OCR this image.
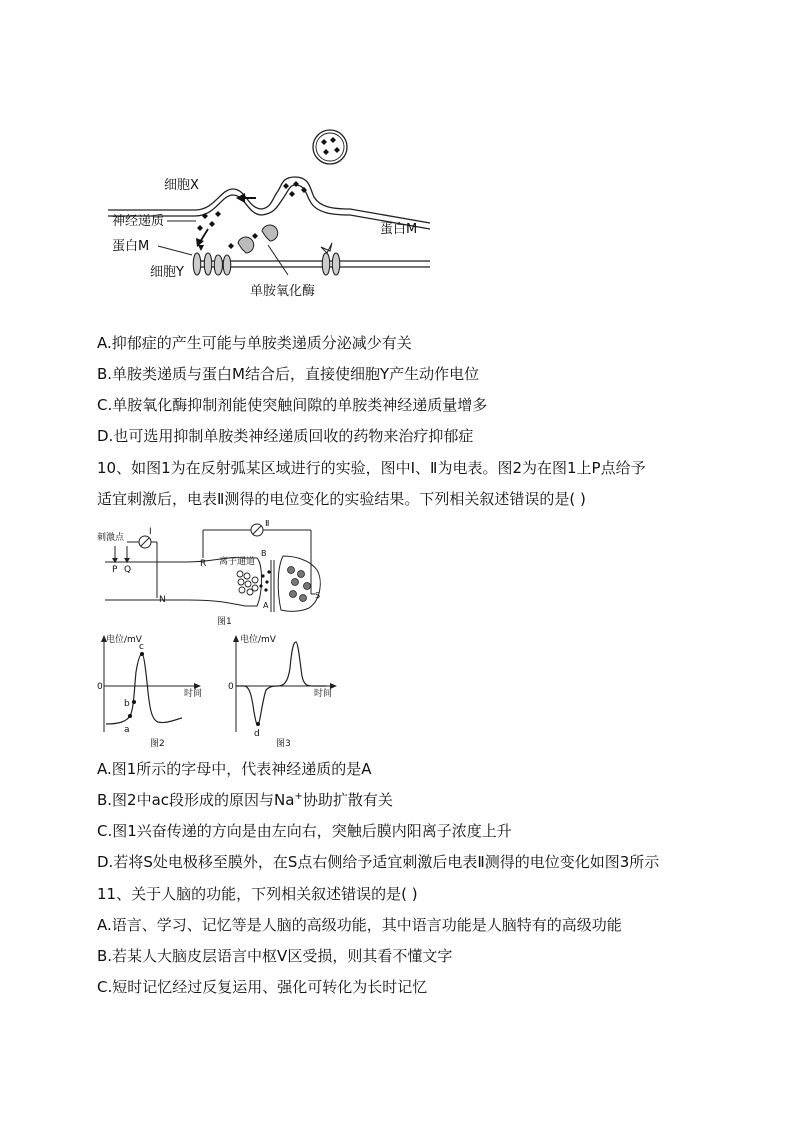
细胞X
神经递质
蛋白M
细胞Y
单胺氧化酶
蛋白M
A.抑郁症的产生可能与单胺类递质分泌减少有关
B.单胺类递质与蛋白M结合后，直接使细胞Y产生动作电位
C.单胺氧化酶抑制剂能使突触间隙的单胺类神经递质量增多
D.也可选用抑制单胺类神经递质回收的药物来治疗抑郁症
10、如图1为在反射弧某区域进行的实验，图中Ⅰ、Ⅱ为电表。图2为在图1上P点给予
适宜刺激后，电表Ⅱ测得的电位变化的实验结果。下列相关叙述错误的是( )
刺激点
Ⅰ
Ⅱ
P Q
R
N
离子通道
B
A
S
图1
电位/mV
时间
0
a
b
c
图2
电位/mV
时间
0
d
图3
A.图1所示的字母中，代表神经递质的是A
B.图2中ac段形成的原因与Na+协助扩散有关
C.图1兴奋传递的方向是由左向右，突触后膜内阳离子浓度上升
D.若将S处电极移至膜外，在S点右侧给予适宜刺激后电表Ⅱ测得的电位变化如图3所示
11、关于人脑的功能，下列相关叙述错误的是( )
A.语言、学习、记忆等是人脑的高级功能，其中语言功能是人脑特有的高级功能
B.若某人大脑皮层语言中枢V区受损，则其看不懂文字
C.短时记忆经过反复运用、强化可转化为长时记忆
